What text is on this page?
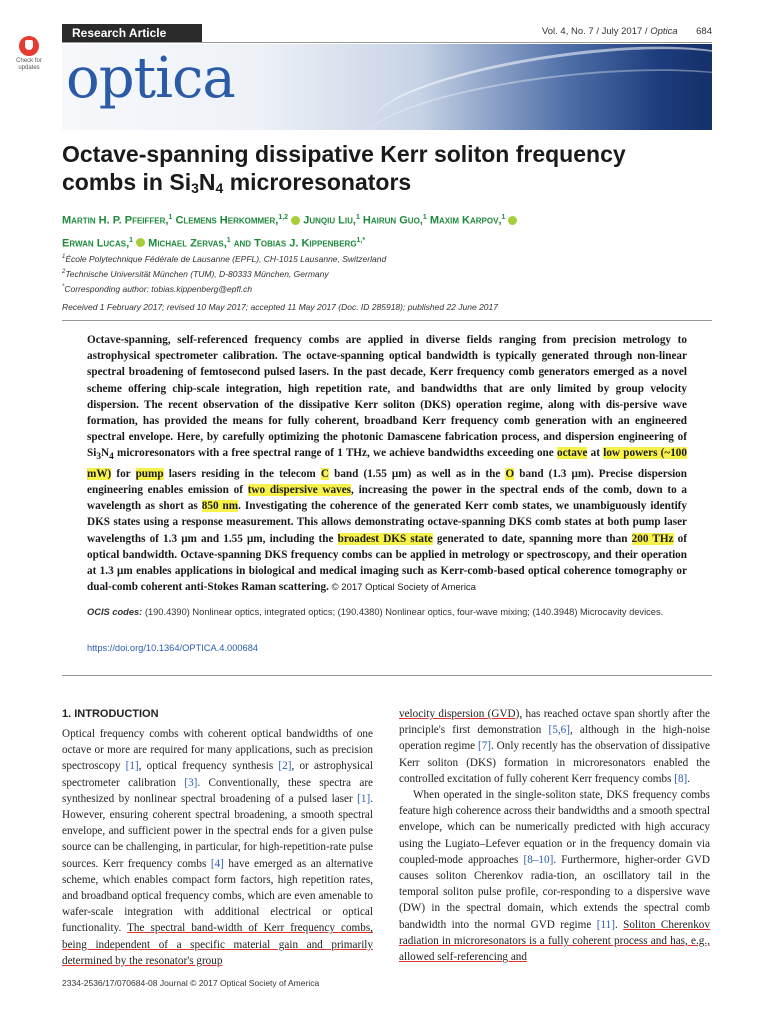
Research Article	Vol. 4, No. 7 / July 2017 / Optica 684
Check for updates optica
Octave-spanning dissipative Kerr soliton frequency
combs in $Si_3N_4$ microresonators
Martin H. P. Pfeiffer,$^1$ Clemens Herkommer,$^{1,2}$ Junqiu Liu,$^1$ Hairun Guo,$^1$ Maxim Karpov,$^1$
Erwan Lucas,$^1$ Michael Zervas,$^1$ and Tobias J. Kippenberg$^{1,*}$
$^1$École Polytechnique Fédérale de Lausanne (EPFL), CH-1015 Lausanne, Switzerland
$^2$Technische Universität München (TUM), D-80333 München, Germany
*Corresponding author: tobias.kippenberg@epfl.ch
Received 1 February 2017; revised 10 May 2017; accepted 11 May 2017 (Doc. ID 285918); published 22 June 2017
Octave-spanning, self-referenced frequency combs are applied in diverse fields ranging from precision metrology to astrophysical spectrometer calibration. The octave-spanning optical bandwidth is typically generated through non-linear spectral broadening of femtosecond pulsed lasers. In the past decade, Kerr frequency comb generators emerged as a novel scheme offering chip-scale integration, high repetition rate, and bandwidths that are only limited by group velocity dispersion. The recent observation of the dissipative Kerr soliton (DKS) operation regime, along with dis-persive wave formation, has provided the means for fully coherent, broadband Kerr frequency comb generation with an engineered spectral envelope. Here, by carefully optimizing the photonic Damascene fabrication process, and dispersion engineering of $Si_3N_4$ microresonators with a free spectral range of 1 THz, we achieve bandwidths exceeding one octave at low powers (~100 mW) for pump lasers residing in the telecom C band (1.55 μm) as well as in the O band (1.3 μm). Precise dispersion engineering enables emission of two dispersive waves, increasing the power in the spectral ends of the comb, down to a wavelength as short as 850 nm. Investigating the coherence of the generated Kerr comb states, we unambiguously identify DKS states using a response measurement. This allows demonstrating octave-spanning DKS comb states at both pump laser wavelengths of 1.3 μm and 1.55 μm, including the broadest DKS state generated to date, spanning more than 200 THz of optical bandwidth. Octave-spanning DKS frequency combs can be applied in metrology or spectroscopy, and their operation at 1.3 μm enables applications in biological and medical imaging such as Kerr-comb-based optical coherence tomography or dual-comb coherent anti-Stokes Raman scattering. © 2017 Optical Society of America
OCIS codes: (190.4390) Nonlinear optics, integrated optics; (190.4380) Nonlinear optics, four-wave mixing; (140.3948) Microcavity devices.
https://doi.org/10.1364/OPTICA.4.000684
1. INTRODUCTION

Optical frequency combs with coherent optical bandwidths of one octave or more are required for many applications, such as precision spectroscopy [1], optical frequency synthesis [2], or astrophysical spectrometer calibration [3]. Conventionally, these spectra are synthesized by nonlinear spectral broadening of a pulsed laser [1]. However, ensuring coherent spectral broadening, a smooth spectral envelope, and sufficient power in the spectral ends for a given pulse source can be challenging, in particular, for high-repetition-rate pulse sources. Kerr frequency combs [4] have emerged as an alternative scheme, which enables compact form factors, high repetition rates, and broadband optical frequency combs, which are even amenable to wafer-scale integration with additional electrical or optical functionality. The spectral band-width of Kerr frequency combs, being independent of a specific material gain and primarily determined by the resonator's group

velocity dispersion (GVD), has reached octave span shortly after the principle's first demonstration [5,6], although in the high-noise operation regime [7]. Only recently has the observation of dissipative Kerr soliton (DKS) formation in microresonators enabled the controlled excitation of fully coherent Kerr frequency combs [8].

When operated in the single-soliton state, DKS frequency combs feature high coherence across their bandwidths and a smooth spectral envelope, which can be numerically predicted with high accuracy using the Lugiato–Lefever equation or in the frequency domain via coupled-mode approaches [8–10]. Furthermore, higher-order GVD causes soliton Cherenkov radia-tion, an oscillatory tail in the temporal soliton pulse profile, cor-responding to a dispersive wave (DW) in the spectral domain, which extends the spectral comb bandwidth into the normal GVD regime [11]. Soliton Cherenkov radiation in microresonators is a fully coherent process and has, e.g., allowed self-referencing and

2334-2536/17/070684-08 Journal © 2017 Optical Society of America
